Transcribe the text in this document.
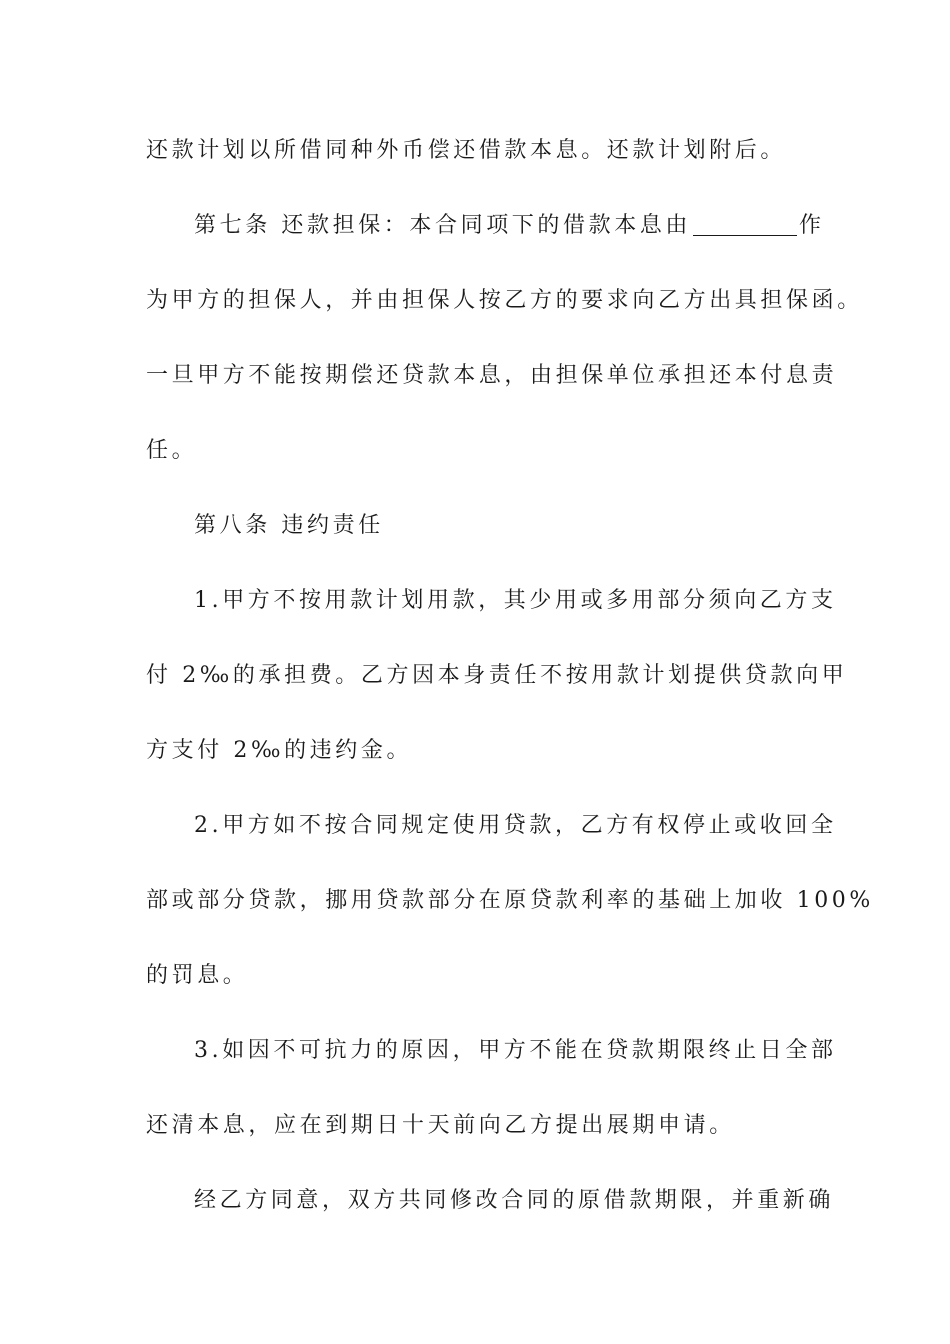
还款计划以所借同种外币偿还借款本息。还款计划附后。
第七条 还款担保：本合同项下的借款本息由	作
为甲方的担保人，并由担保人按乙方的要求向乙方出具担保函。
一旦甲方不能按期偿还贷款本息，由担保单位承担还本付息责
任。
第八条 违约责任
1.甲方不按用款计划用款，其少用或多用部分须向乙方支
付 2‰的承担费。乙方因本身责任不按用款计划提供贷款向甲
方支付 2‰的违约金。
2.甲方如不按合同规定使用贷款，乙方有权停止或收回全
部或部分贷款，挪用贷款部分在原贷款利率的基础上加收 100%
的罚息。
3.如因不可抗力的原因，甲方不能在贷款期限终止日全部
还清本息，应在到期日十天前向乙方提出展期申请。
经乙方同意，双方共同修改合同的原借款期限，并重新确
